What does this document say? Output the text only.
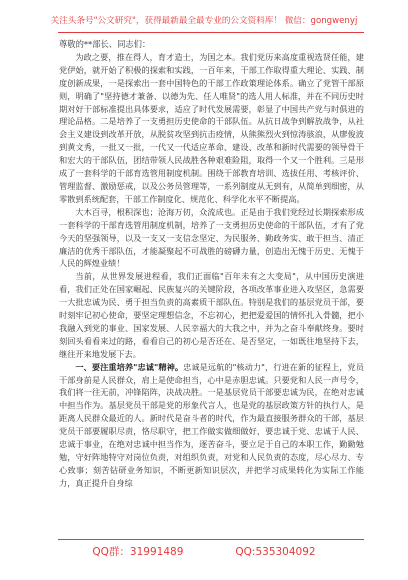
关注头条号"公文研究"，获得最新最全最专业的公文资料库！ 微信：gongwenyj

尊敬的**部长、同志们：

为政之要，推在得人，育才造士，为国之本。我们党历来高度重视选贤任能，建党伊始，就开始了积极的探索和实践，一百年来，干部工作取得重大理论、实践、制度创新成果，一是探索出一套中国特色的干部工作政策理论体系。确立了党管干部原则，明确了"坚持德才兼备、以德为先、任人唯贤"的选人用人标准，并在不同历史时期对好干部标准提出具体要求，适应了时代发展需要，彰显了中国共产党与时俱进的理论品格。二是培养了一支勇担历史使命的干部队伍。从抗日战争到解放战争，从社会主义建设到改革开放，从脱贫攻坚到抗击疫情，从熊熊烈火到惊涛骇浪，从廖俊波到黄文秀，一批又一批，一代又一代适应革命、建设、改革和新时代需要的领导骨干和宏大的干部队伍，团结带领人民战胜各种艰难险阻，取得一个又一个胜利。三是形成了一套科学的干部育选管用制度机制。围绕干部教育培训、选拔任用、考核评价、管理监督、激励惩戒，以及公务员管理等，一系列制度从无到有，从简单到细密，从零散到系统配套，干部工作制度化、规范化、科学化水平不断提高。

大木百寻，根积深也；沧海万仞，众流成也。正是由于我们党经过长期探索形成一套科学的干部育选管用制度机制，培养了一支勇担历史使命的干部队伍，才有了党今天的坚强领导，以及一支又一支信念坚定、为民服务、勤政务实、敢于担当、清正廉洁的优秀干部队伍，才能凝聚起不可战胜的磅礴力量，创造出无愧于历史、无愧于人民的辉煌业绩！

当前，从世界发展进程看，我们正面临"百年未有之大变局"，从中国历史演进看，我们正处在国家崛起、民族复兴的关键阶段，各项改革事业进入攻坚区，急需要一大批忠诚为民、勇于担当负责的高素质干部队伍。特别是我们的基层党员干部，要时刻牢记初心使命，要坚定理想信念，不忘初心，把把爱爱国的情怀扎入骨髓，把小我融入到党的事业、国家发展、人民幸福大的大我之中，并为之奋斗奉献终身。要时刻回头看看来过的路，看看自己的初心是否还在、是否坚定，一如既往地坚持下去，继往开来地发展下去。

一、要注重培养"忠诚"精神。忠诚是远航的"核动力"，行进在新的征程上，党员干部身前是人民群众，肩上是使命担当，心中是赤胆忠诚。只要党和人民一声号令，我们将一往无前，冲锋陷阵，决战决胜。一是基层党员干部要忠诚为民，在绝对忠诚中担当作为。基层党员干部是党的形象代言人，也是党的基层政策方针的执行人，是距离人民群众最近的人。新时代是奋斗者的时代，作为最直接服务群众的干部，基层党员干部要履职尽责，恪尽职守，把工作做实做细做好，要忠诚于党、忠诚于人民、忠诚于事业，在绝对忠诚中担当作为，逐苦奋斗，要立足于自己的本职工作，勤勤勉勉，守好阵地特守对岗位负责，对组织负责，对党和人民负责的态度，尽心尽力、专心致事；刻苦钻研业务知识，不断更新知识层次，并把学习成果转化为实际工作能力，真正提升自身综

QQ群：31991489	QQ:535304092
